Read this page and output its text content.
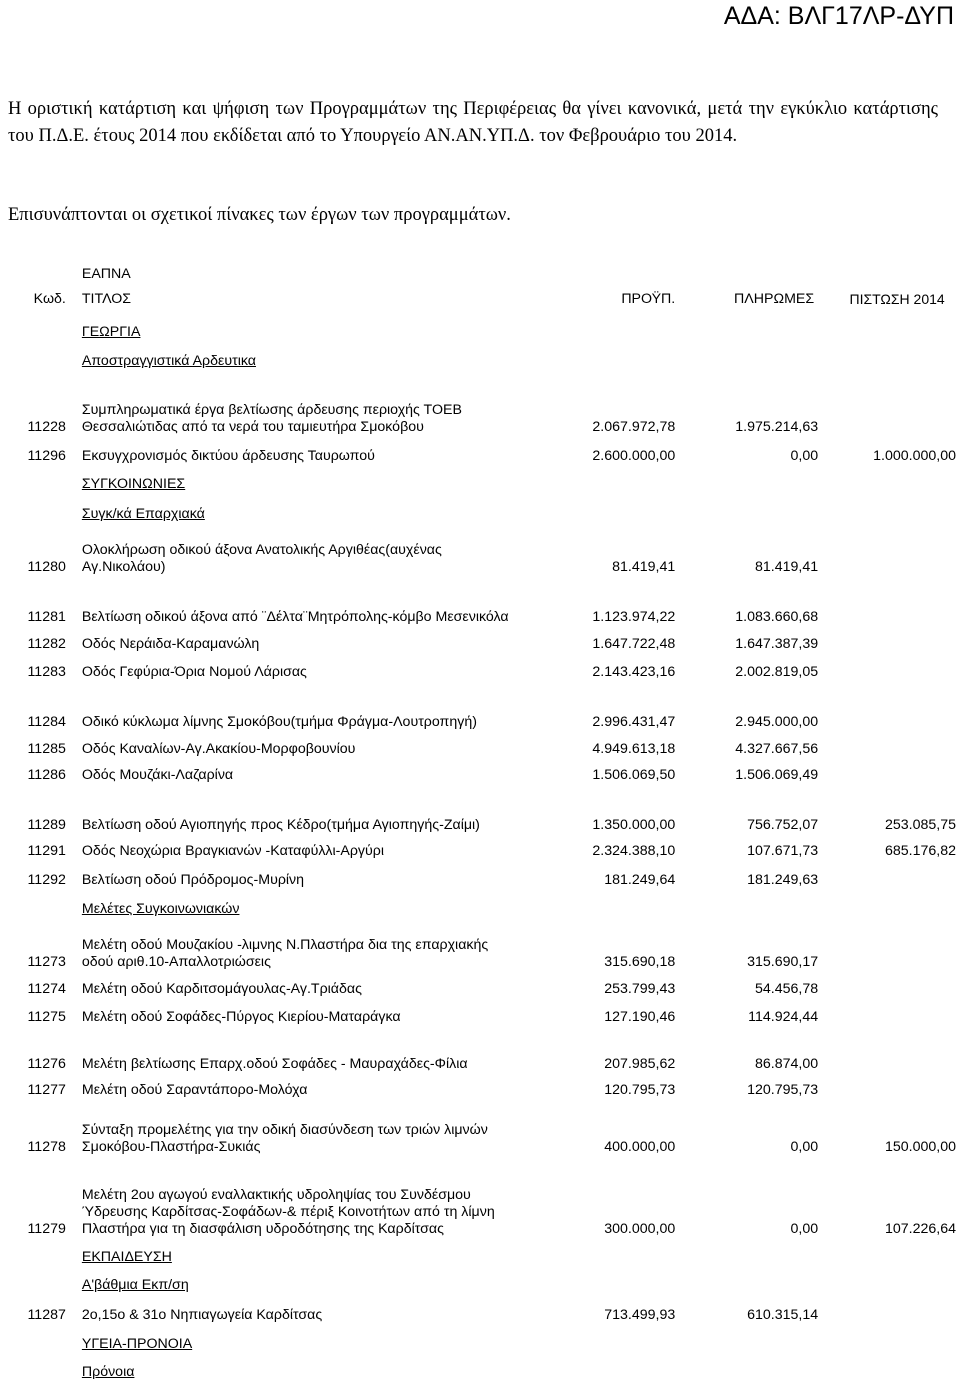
ΑΔΑ: ΒΛΓ17ΛΡ-ΔΥΠ

Η οριστική κατάρτιση και ψήφιση των Προγραμμάτων της Περιφέρειας θα γίνει κανονικά, μετά την εγκύκλιο κατάρτισης του Π.Δ.Ε. έτους 2014 που εκδίδεται από το Υπουργείο ΑΝ.ΑΝ.ΥΠ.Δ. τον Φεβρουάριο του 2014.

Επισυνάπτονται οι σχετικοί πίνακες των έργων των προγραμμάτων.

	ΕΑΠΝΑ			
Κωδ.	ΤΙΤΛΟΣ	ΠΡΟΫΠ.	ΠΛΗΡΩΜΕΣ	ΠΙΣΤΩΣΗ 2014
	ΓΕΩΡΓΙΑ			
	Αποστραγγιστικά Αρδευτικα			
11228	Συμπληρωματικά έργα βελτίωσης άρδευσης περιοχής ΤΟΕΒ Θεσσαλιώτιδας από τα νερά του ταμιευτήρα Σμοκόβου	2.067.972,78	1.975.214,63	
11296	Εκσυγχρονισμός δικτύου άρδευσης Ταυρωπού	2.600.000,00	0,00	1.000.000,00
	ΣΥΓΚΟΙΝΩΝΙΕΣ			
	Συγκ/κά Επαρχιακά			
11280	Ολοκλήρωση οδικού άξονα Ανατολικής Αργιθέας(αυχένας Αγ.Νικολάου)	81.419,41	81.419,41	
11281	Βελτίωση οδικού άξονα από ¨Δέλτα¨Μητρόπολης-κόμβο Μεσενικόλα	1.123.974,22	1.083.660,68	
11282	Οδός Νεράιδα-Καραμανώλη	1.647.722,48	1.647.387,39	
11283	Οδός Γεφύρια-Όρια Νομού Λάρισας	2.143.423,16	2.002.819,05	
11284	Οδικό κύκλωμα λίμνης Σμοκόβου(τμήμα Φράγμα-Λουτροπηγή)	2.996.431,47	2.945.000,00	
11285	Οδός Καναλίων-Αγ.Ακακίου-Μορφοβουνίου	4.949.613,18	4.327.667,56	
11286	Οδός Μουζάκι-Λαζαρίνα	1.506.069,50	1.506.069,49	
11289	Βελτίωση οδού Αγιοπηγής προς Κέδρο(τμήμα Αγιοπηγής-Ζαίμι)	1.350.000,00	756.752,07	253.085,75
11291	Οδός Νεοχώρια Βραγκιανών -Καταφύλλι-Αργύρι	2.324.388,10	107.671,73	685.176,82
11292	Βελτίωση οδού Πρόδρομος-Μυρίνη	181.249,64	181.249,63	
	Μελέτες Συγκοινωνιακών			
11273	Μελέτη οδού Μουζακίου -λιμνης Ν.Πλαστήρα δια της επαρχιακής οδού αριθ.10-Απαλλοτριώσεις	315.690,18	315.690,17	
11274	Μελέτη οδού Καρδιτσομάγουλας-Αγ.Τριάδας	253.799,43	54.456,78	
11275	Μελέτη οδού Σοφάδες-Πύργος Κιερίου-Ματαράγκα	127.190,46	114.924,44	
11276	Μελέτη βελτίωσης Επαρχ.οδού Σοφάδες - Μαυραχάδες-Φίλια	207.985,62	86.874,00	
11277	Μελέτη οδού Σαραντάπορο-Μολόχα	120.795,73	120.795,73	
11278	Σύνταξη προμελέτης για την οδική διασύνδεση των τριών λιμνών Σμοκόβου-Πλαστήρα-Συκιάς	400.000,00	0,00	150.000,00
11279	Μελέτη 2ου αγωγού εναλλακτικής υδροληψίας του Συνδέσμου Ύδρευσης Καρδίτσας-Σοφάδων-& πέριξ Κοινοτήτων από τη λίμνη Πλαστήρα για τη διασφάλιση υδροδότησης της Καρδίτσας	300.000,00	0,00	107.226,64
	ΕΚΠΑΙΔΕΥΣΗ			
	Α'βάθμια Εκπ/ση			
11287	2ο,15ο & 31ο Νηπιαγωγεία Καρδίτσας	713.499,93	610.315,14	
	ΥΓΕΙΑ-ΠΡΟΝΟΙΑ			
	Πρόνοια			
